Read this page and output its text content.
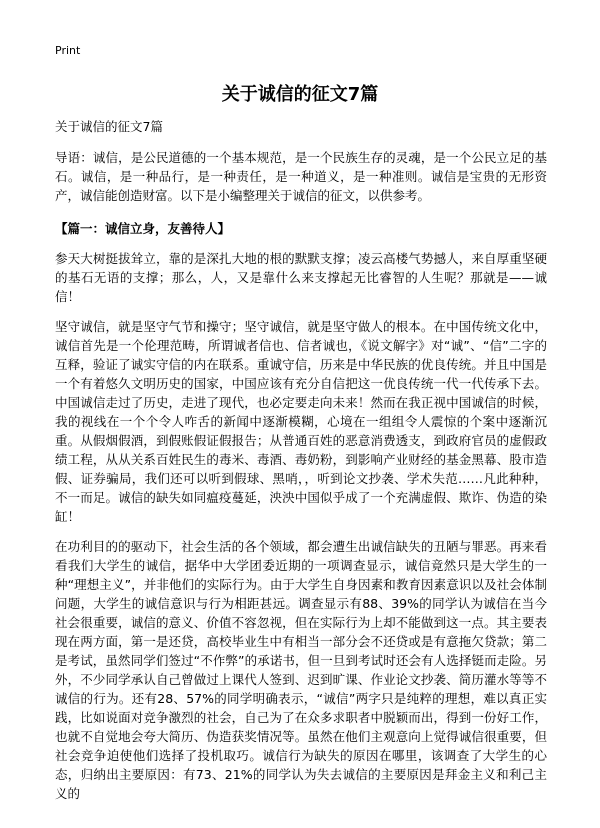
Print
关于诚信的征文7篇
关于诚信的征文7篇

导语：诚信，是公民道德的一个基本规范，是一个民族生存的灵魂，是一个公民立足的基石。诚信，是一种品行，是一种责任，是一种道义，是一种准则。诚信是宝贵的无形资产，诚信能创造财富。以下是小编整理关于诚信的征文，以供参考。

【篇一：诚信立身，友善待人】

参天大树挺拔耸立，靠的是深扎大地的根的默默支撑；凌云高楼气势撼人，来自厚重坚硬的基石无语的支撑；那么，人，又是靠什么来支撑起无比睿智的人生呢？那就是——诚信！

坚守诚信，就是坚守气节和操守；坚守诚信，就是坚守做人的根本。在中国传统文化中，诚信首先是一个伦理范畴，所谓诚者信也、信者诚也，《说文解字》对“诚”、“信”二字的互释，验证了诚实守信的内在联系。重诚守信，历来是中华民族的优良传统。并且中国是一个有着悠久文明历史的国家，中国应该有充分自信把这一优良传统一代一代传承下去。中国诚信走过了历史，走进了现代，也必定要走向未来！然而在我正视中国诚信的时候，我的视线在一个个令人咋舌的新闻中逐渐模糊，心境在一组组令人震惊的个案中逐渐沉重。从假烟假酒，到假账假证假报告；从普通百姓的恶意消费透支，到政府官员的虚假政绩工程，从从关系百姓民生的毒米、毒酒、毒奶粉，到影响产业财经的基金黑幕、股市造假、证券骗局，我们还可以听到假球、黑哨，，听到论文抄袭、学术失范……凡此种种，不一而足。诚信的缺失如同瘟疫蔓延，泱泱中国似乎成了一个充满虚假、欺诈、伪造的染缸！

在功利目的的驱动下，社会生活的各个领域，都会遭生出诚信缺失的丑陋与罪恶。再来看看我们大学生的诚信，据华中大学团委近期的一项调查显示，诚信竟然只是大学生的一种“理想主义”，并非他们的实际行为。由于大学生自身因素和教育因素意识以及社会体制问题，大学生的诚信意识与行为相距甚远。调查显示有88、39%的同学认为诚信在当今社会很重要，诚信的意义、价值不容忽视，但在实际行为上却不能做到这一点。其主要表现在两方面，第一是还贷，高校毕业生中有相当一部分会不还贷或是有意拖欠贷款；第二是考试，虽然同学们签过“不作弊”的承诺书，但一旦到考试时还会有人选择铤而走险。另外，不少同学承认自己曾做过上课代人签到、迟到旷课、作业论文抄袭、简历灌水等等不诚信的行为。还有28、57%的同学明确表示，“诚信”两字只是纯粹的理想，难以真正实践，比如说面对竞争激烈的社会，自己为了在众多求职者中脱颖而出，得到一份好工作，也就不自觉地会夸大简历、伪造获奖情况等。虽然在他们主观意向上觉得诚信很重要，但社会竞争迫使他们选择了投机取巧。诚信行为缺失的原因在哪里，该调查了大学生的心态，归纳出主要原因：有73、21%的同学认为失去诚信的主要原因是拜金主义和利己主义的
